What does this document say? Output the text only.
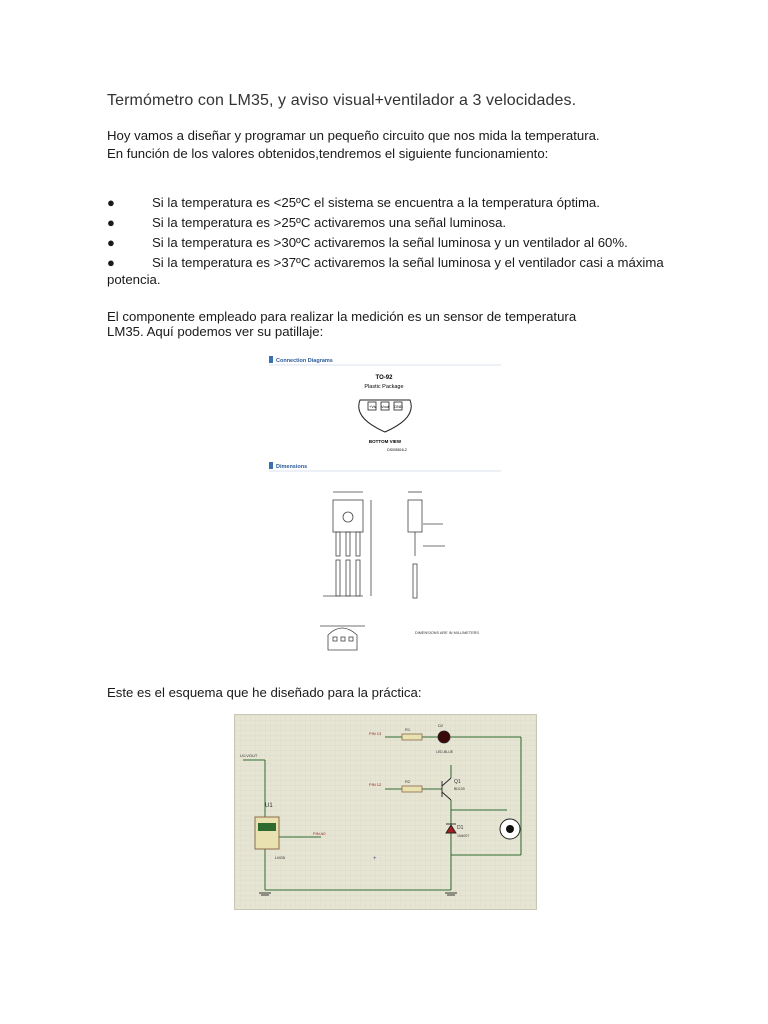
Termómetro con LM35, y aviso visual+ventilador a 3 velocidades.
Hoy vamos a diseñar y programar un pequeño circuito que nos mida la temperatura.
En función de los valores obtenidos,tendremos el siguiente funcionamiento:
●	Si la temperatura es <25ºC el sistema se encuentra a la temperatura óptima.
●	Si la temperatura es >25ºC activaremos una señal luminosa.
●	Si la temperatura es >30ºC activaremos la señal luminosa y un ventilador al 60%.
●	Si la temperatura es >37ºC activaremos la señal luminosa y el ventilador casi a máxima potencia.
El componente empleado para realizar la medición es un sensor de temperatura
LM35. Aquí podemos ver su patillaje:
Connection Diagrams
TO-92
Plastic Package
+Vs Vout GND
BOTTOM VIEW
DS005516-2
Dimensions
DIMENSIONS ARE IN MILLIMETERS
Este es el esquema que he diseñado para la práctica:
U1
LM35
U1:VOUT
PIN A0
PIN 13
R1
D2
LED-BLUE
PIN 12
R2	Q1
BD139
D1
1N4007
+
